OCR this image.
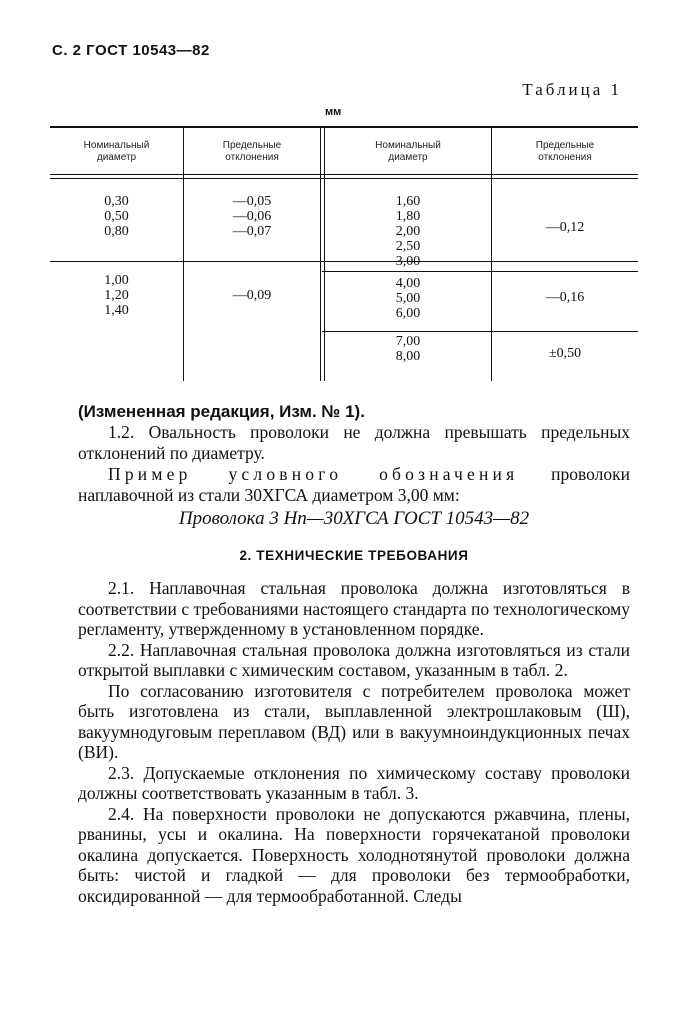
С. 2 ГОСТ 10543—82
Таблица 1
мм
Номинальный
диаметр
Предельные
отклонения
Номинальный
диаметр
Предельные
отклонения
0,30
0,50
0,80
—0,05
—0,06
—0,07
1,00
1,20
1,40
—0,09
1,60
1,80
2,00
2,50
3,00
—0,12
4,00
5,00
6,00
—0,16
7,00
8,00	±0,50
(Измененная редакция, Изм. № 1).

1.2. Овальность проволоки не должна превышать предельных отклонений по диаметру.

Пример условного обозначения проволоки наплавочной из стали 30ХГСА диаметром 3,00 мм:

Проволока 3 Нп—30ХГСА ГОСТ 10543—82
2. ТЕХНИЧЕСКИЕ ТРЕБОВАНИЯ

2.1. Наплавочная стальная проволока должна изготовляться в соответствии с требованиями настоящего стандарта по технологическому регламенту, утвержденному в установленном порядке.

2.2. Наплавочная стальная проволока должна изготовляться из стали открытой выплавки с химическим составом, указанным в табл. 2.

По согласованию изготовителя с потребителем проволока может быть изготовлена из стали, выплавленной электрошлаковым (Ш), вакуумнодуговым переплавом (ВД) или в вакуумноиндукционных печах (ВИ).

2.3. Допускаемые отклонения по химическому составу проволоки должны соответствовать указанным в табл. 3.

2.4. На поверхности проволоки не допускаются ржавчина, плены, рванины, усы и окалина. На поверхности горячекатаной проволоки окалина допускается. Поверхность холоднотянутой проволоки должна быть: чистой и гладкой — для проволоки без термообработки, оксидированной — для термообработанной. Следы
